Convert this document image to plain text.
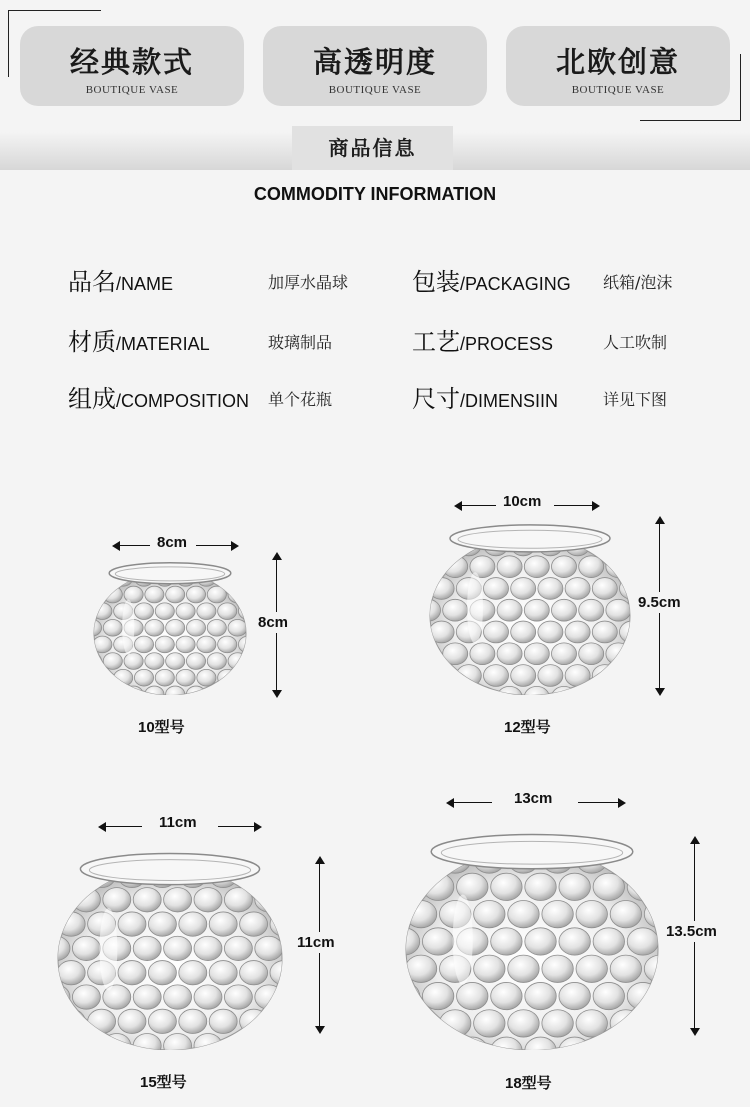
经典款式
BOUTIQUE VASE
高透明度
BOUTIQUE VASE
北欧创意
BOUTIQUE VASE
商品信息
COMMODITY INFORMATION
品名/NAME	加厚水晶球	包装/PACKAGING 纸箱/泡沫
材质/MATERIAL	玻璃制品	工艺/PROCESS	人工吹制
组成/COMPOSITION 单个花瓶	尺寸/DIMENSIIN	详见下图
8cm
8cm
10型号
10cm
9.5cm
12型号
11cm
11cm
15型号
13cm
13.5cm
18型号
